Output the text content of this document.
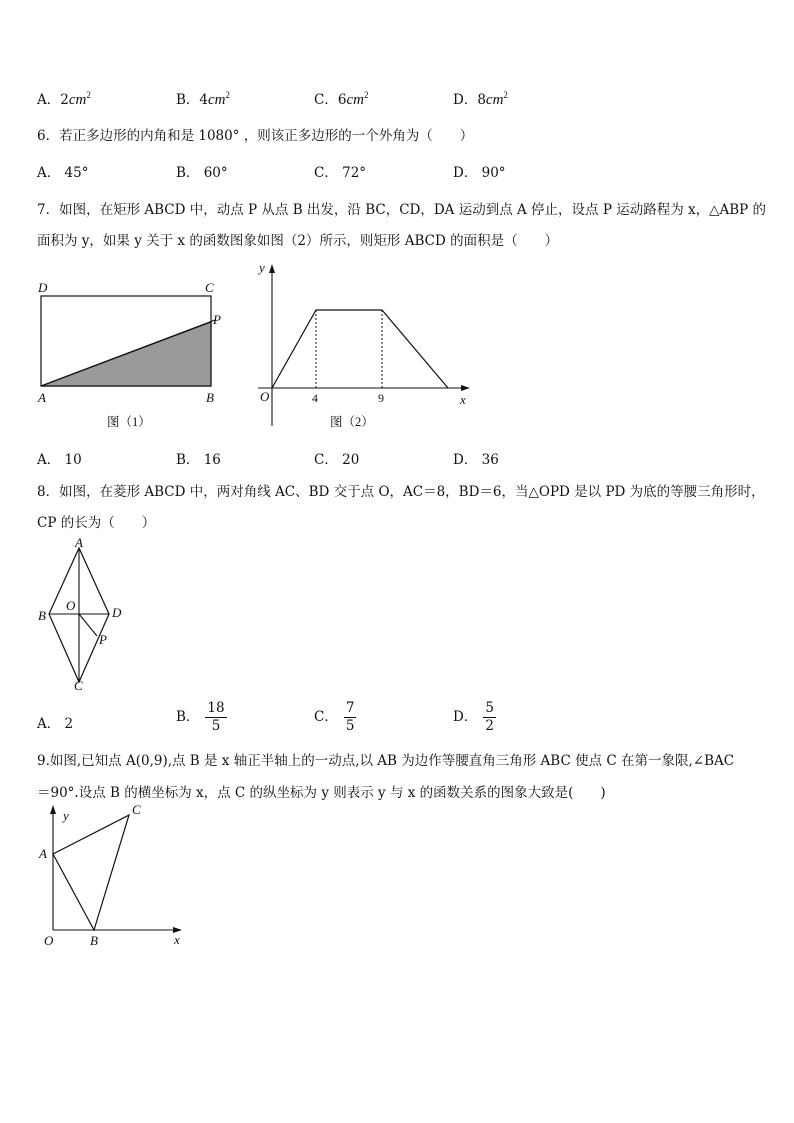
A．$2cm^2$	B．$4cm^2$	C．$6cm^2$	D．$8cm^2$
6．若正多边形的内角和是 1080° ，则该正多边形的一个外角为（　　）
A． 45°	B． 60°	C． 72°	D． 90°
7．如图，在矩形 ABCD 中，动点 P 从点 B 出发，沿 BC，CD，DA 运动到点 A 停止，设点 P 运动路程为 x，△ABP 的
面积为 y，如果 y 关于 x 的函数图象如图（2）所示，则矩形 ABCD 的面积是（　　）
D	C
P
A	B
图（1）
y
O	x
4	9
图（2）
A． 10	B． 16	C． 20	D． 36
8．如图，在菱形 ABCD 中，两对角线 AC、BD 交于点 O，AC＝8，BD＝6，当△OPD 是以 PD 为底的等腰三角形时，
CP 的长为（　　）
A
B
O	D
P
C
A． 2	B． $\frac{18}{5}$	C． $\frac{7}{5}$	D． $\frac{5}{2}$
9.如图,已知点 A(0,9),点 B 是 x 轴正半轴上的一动点,以 AB 为边作等腰直角三角形 ABC 使点 C 在第一象限,∠BAC
＝90°.设点 B 的横坐标为 x，点 C 的纵坐标为 y 则表示 y 与 x 的函数关系的图象大致是(　　)
y	C
A
O	B	x
